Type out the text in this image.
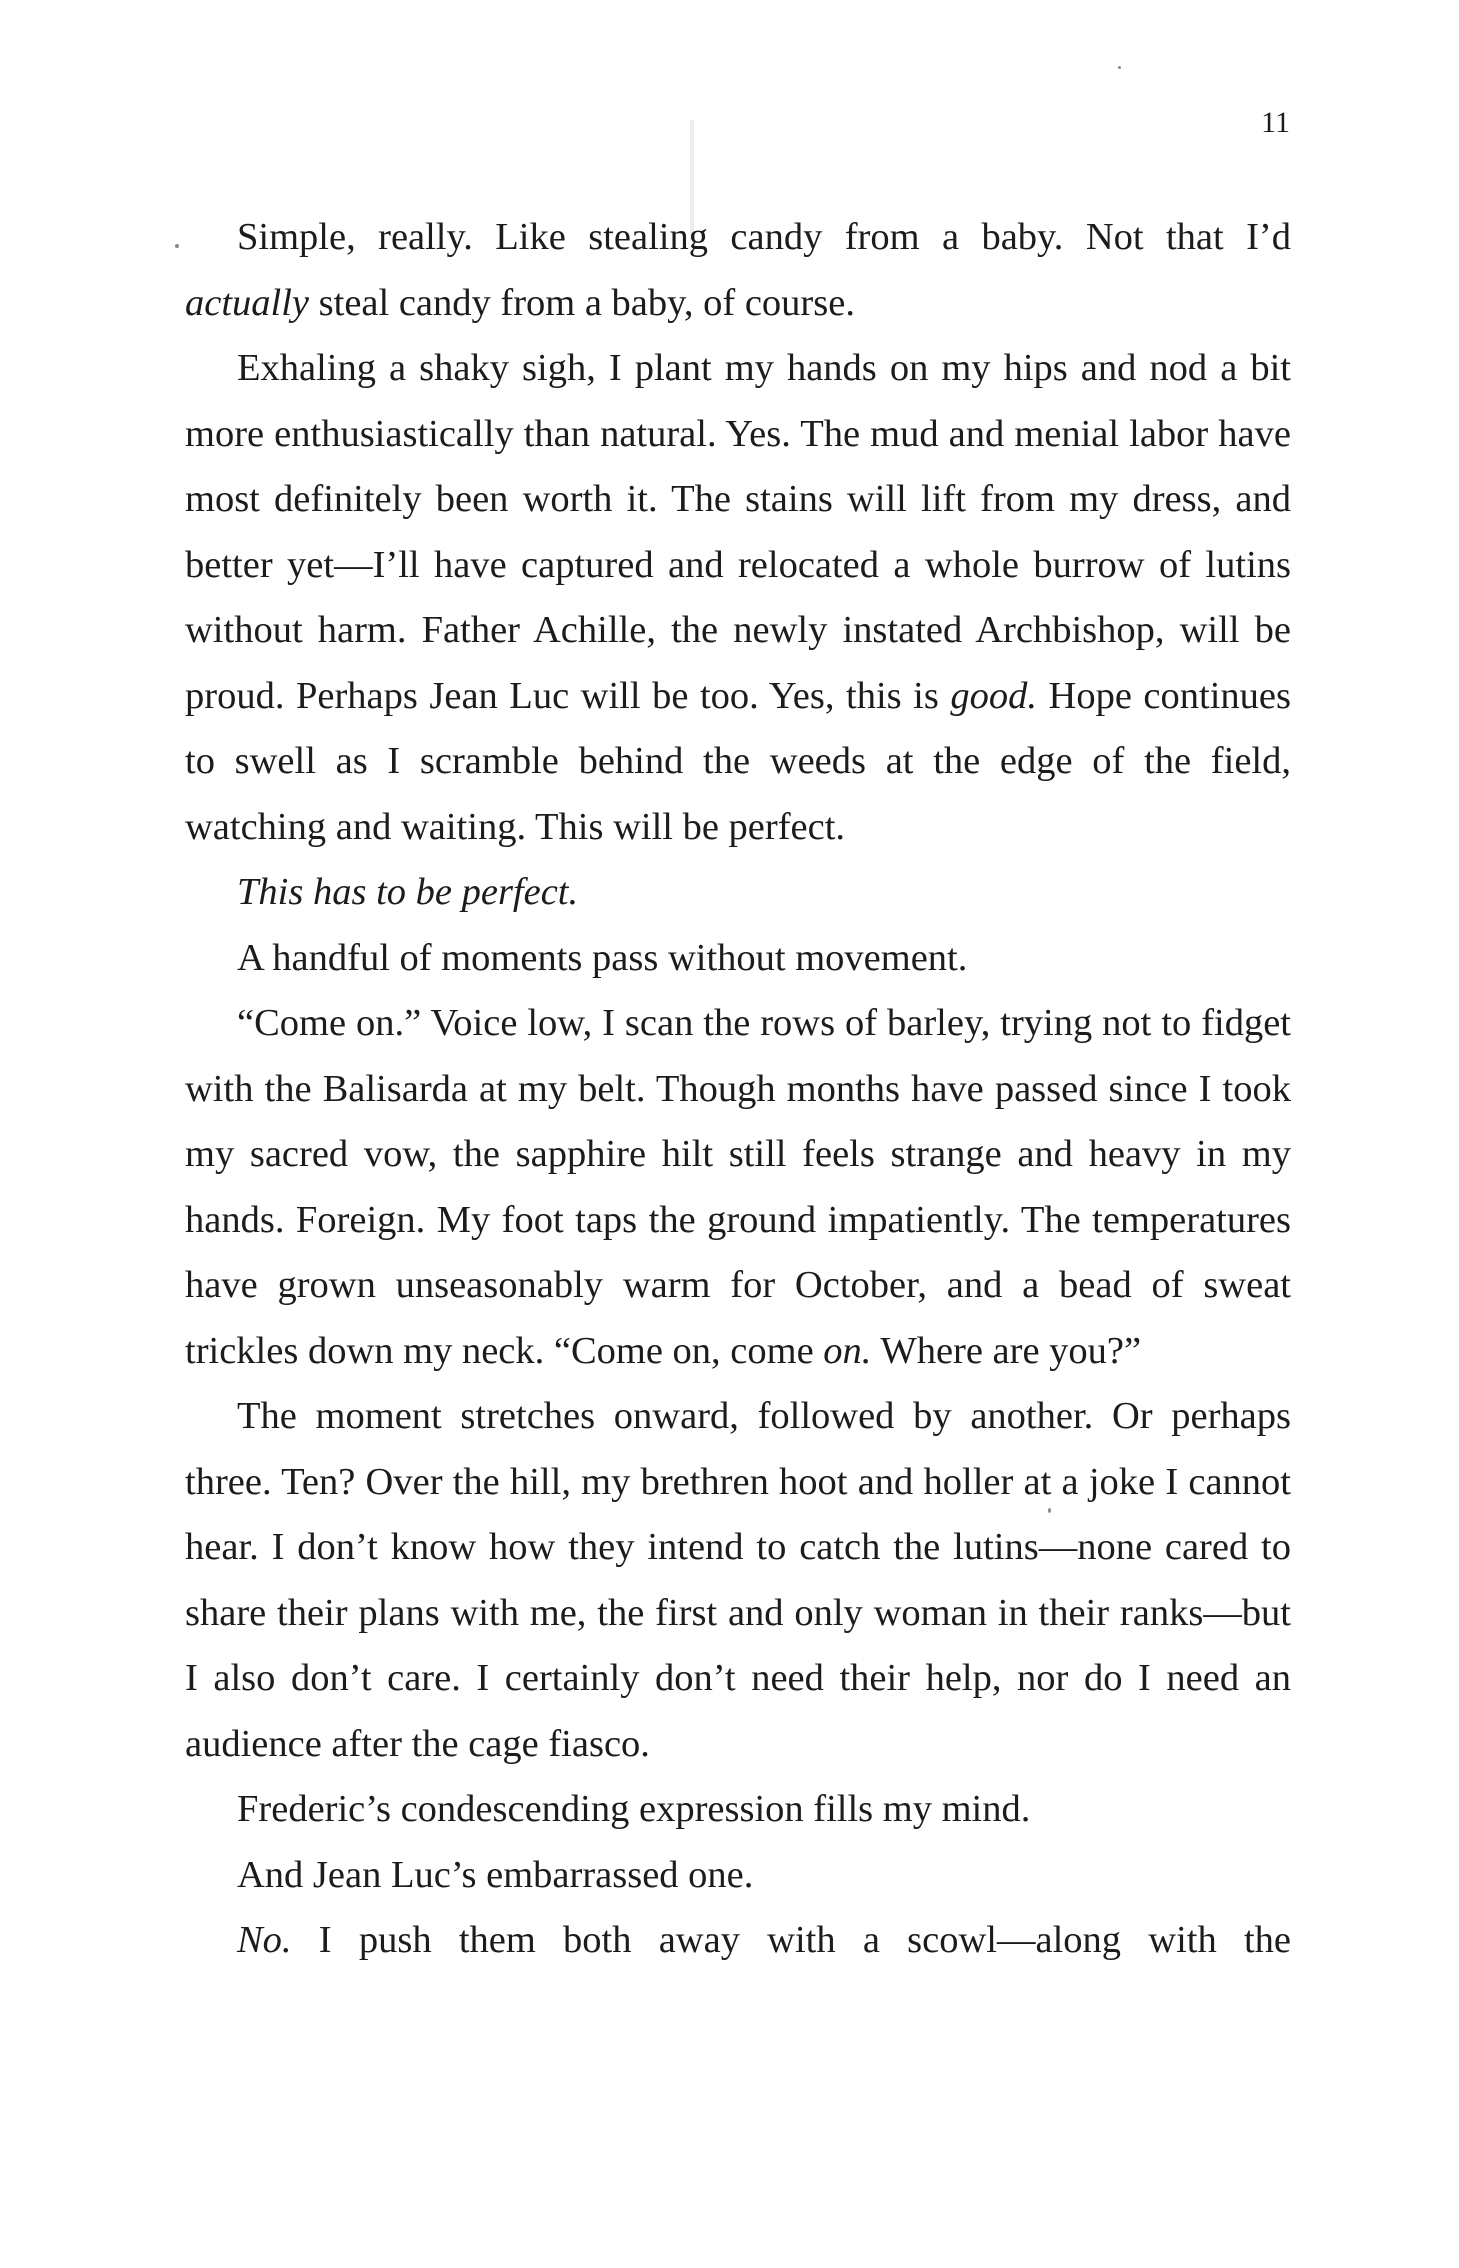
11

Simple, really. Like stealing candy from a baby. Not that I’d actually steal candy from a baby, of course.

Exhaling a shaky sigh, I plant my hands on my hips and nod a bit more enthusiastically than natural. Yes. The mud and menial labor have most definitely been worth it. The stains will lift from my dress, and better yet—I’ll have captured and relocated a whole burrow of lutins without harm. Father Achille, the newly instated Archbishop, will be proud. Perhaps Jean Luc will be too. Yes, this is good. Hope continues to swell as I scramble behind the weeds at the edge of the field, watching and waiting. This will be perfect.

This has to be perfect.

A handful of moments pass without movement.

“Come on.” Voice low, I scan the rows of barley, trying not to fidget with the Balisarda at my belt. Though months have passed since I took my sacred vow, the sapphire hilt still feels strange and heavy in my hands. Foreign. My foot taps the ground impatiently. The temperatures have grown unseasonably warm for October, and a bead of sweat trickles down my neck. “Come on, come on. Where are you?”

The moment stretches onward, followed by another. Or perhaps three. Ten? Over the hill, my brethren hoot and holler at a joke I cannot hear. I don’t know how they intend to catch the lutins—none cared to share their plans with me, the first and only woman in their ranks—but I also don’t care. I certainly don’t need their help, nor do I need an audience after the cage fiasco.

Frederic’s condescending expression fills my mind.

And Jean Luc’s embarrassed one.

No. I push them both away with a scowl—along with the
